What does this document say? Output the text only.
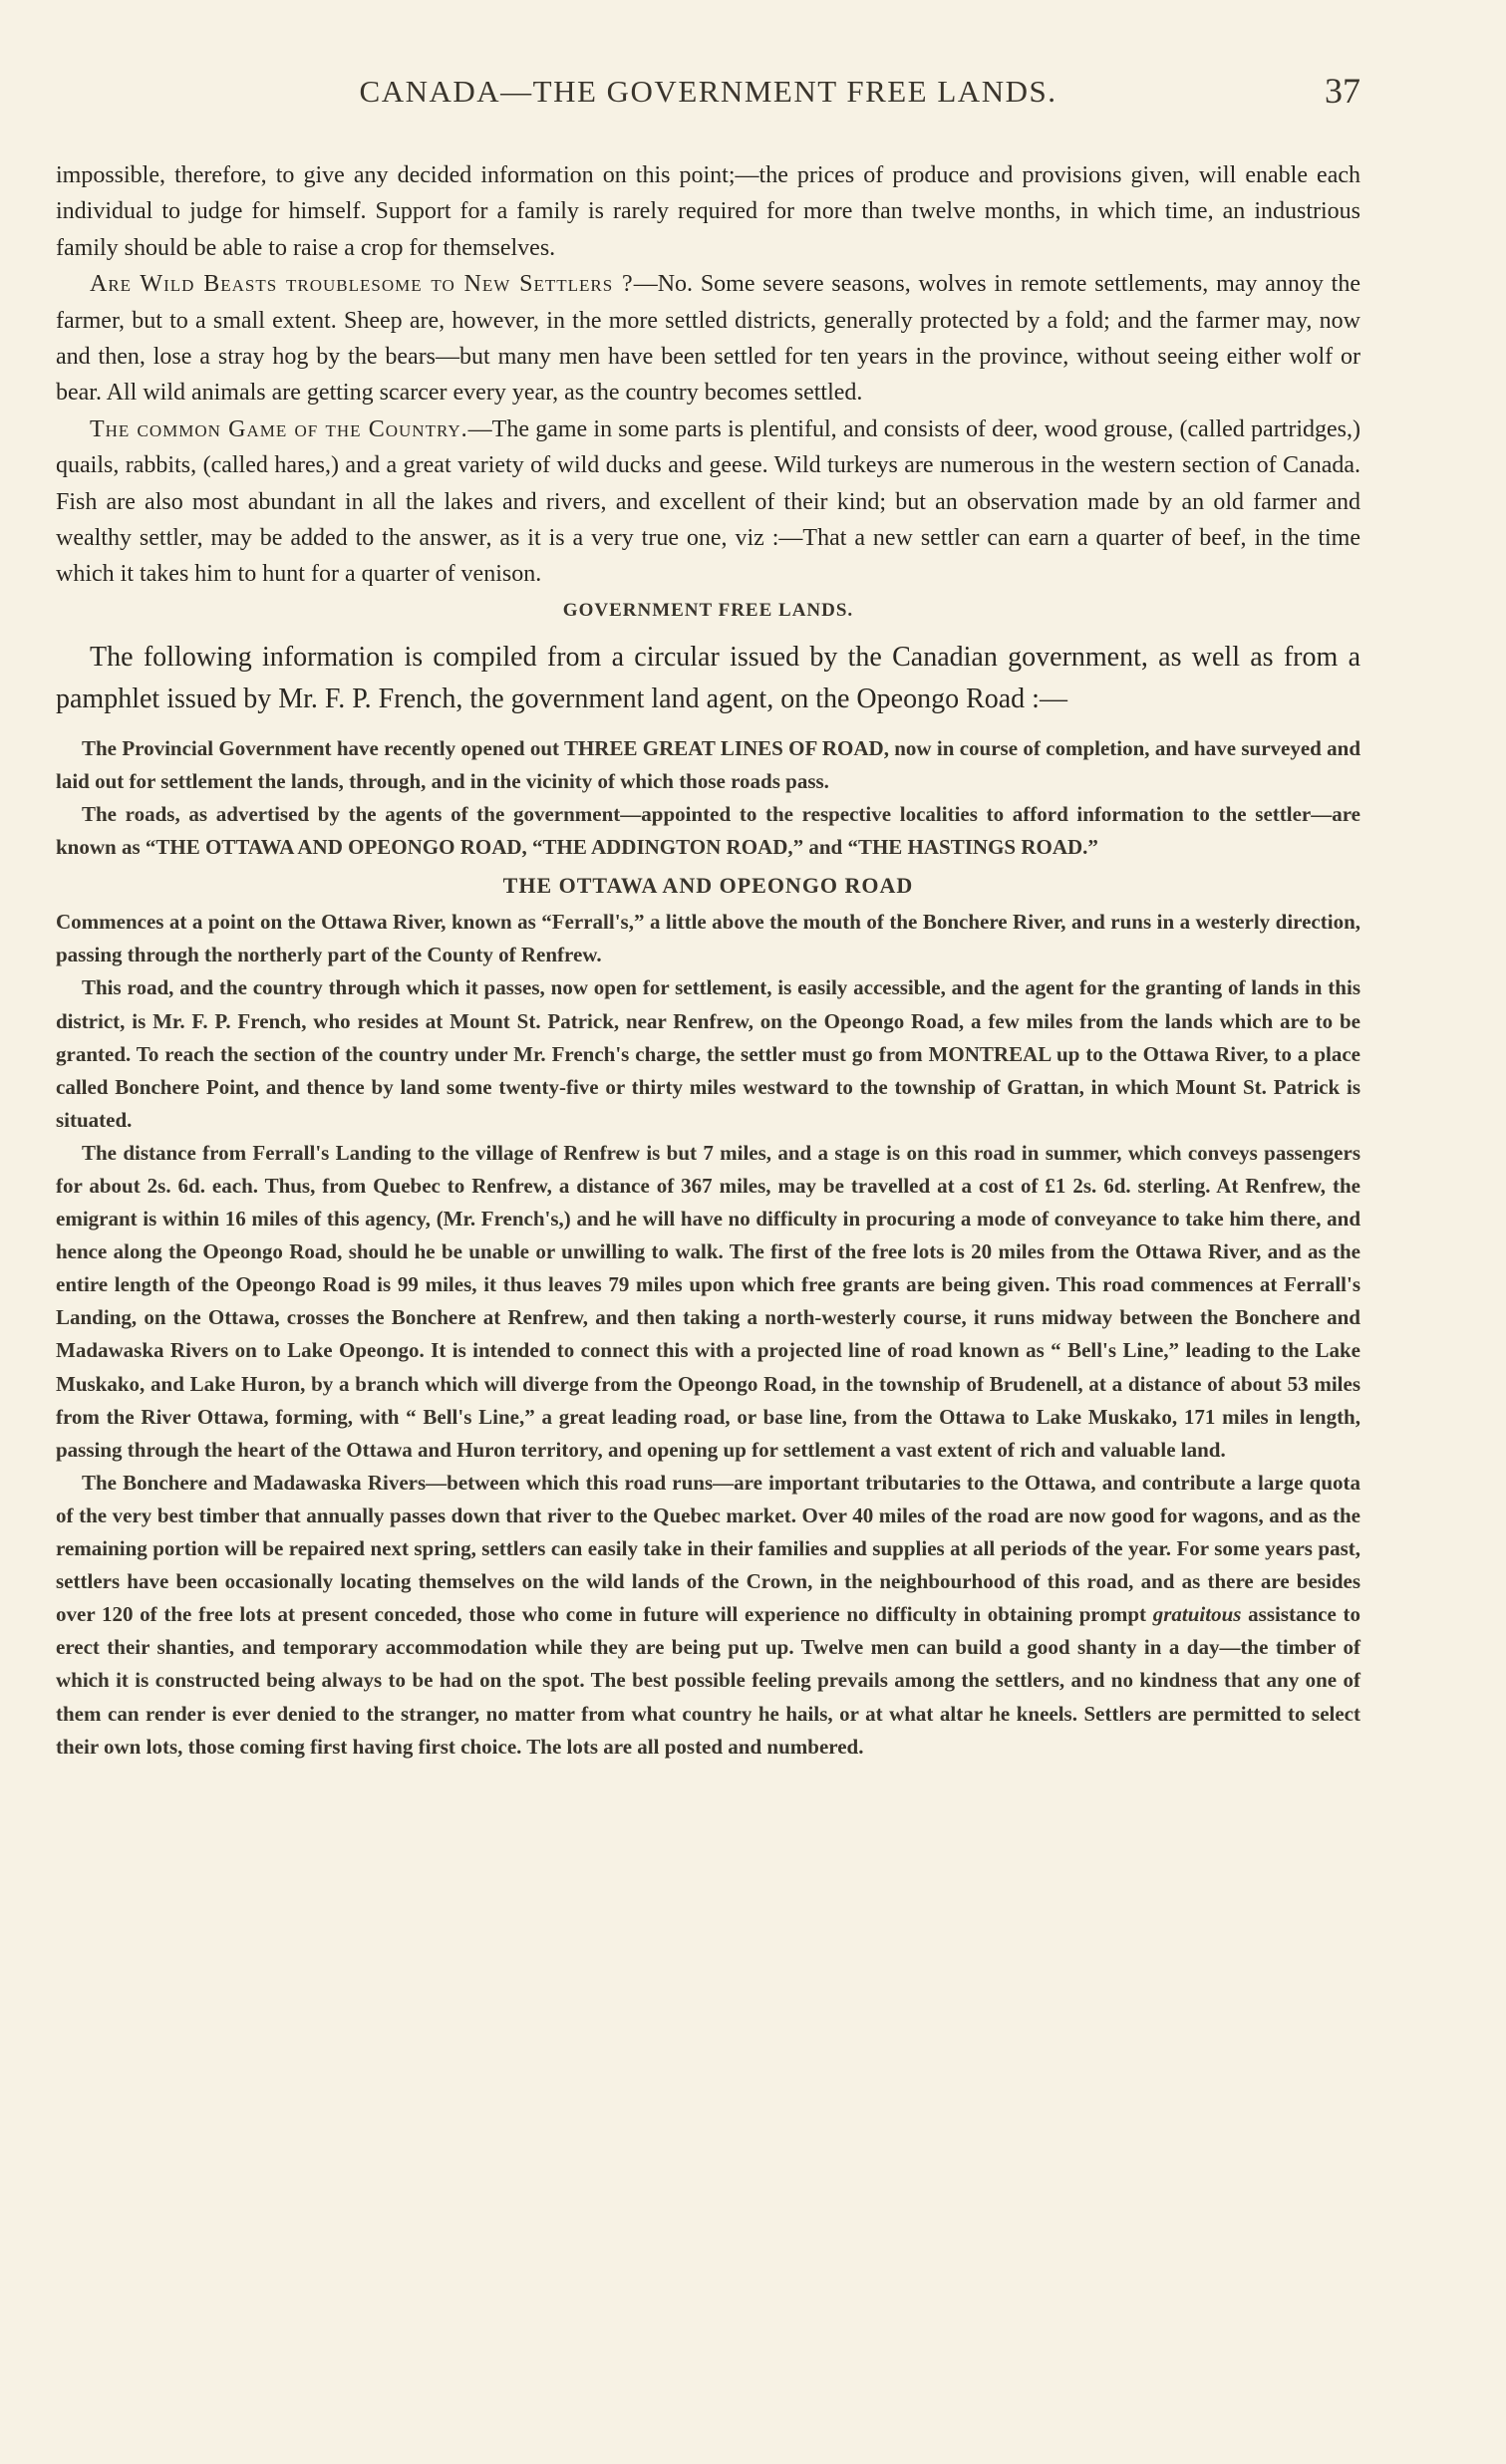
CANADA—THE GOVERNMENT FREE LANDS.	37

impossible, therefore, to give any decided information on this point;—the prices of produce and provisions given, will enable each individual to judge for himself. Support for a family is rarely required for more than twelve months, in which time, an industrious family should be able to raise a crop for themselves.

Are Wild Beasts troublesome to New Settlers ?—No. Some severe seasons, wolves in remote settlements, may annoy the farmer, but to a small extent. Sheep are, however, in the more settled districts, generally protected by a fold; and the farmer may, now and then, lose a stray hog by the bears—but many men have been settled for ten years in the province, without seeing either wolf or bear. All wild animals are getting scarcer every year, as the country becomes settled.

The common Game of the Country.—The game in some parts is plentiful, and consists of deer, wood grouse, (called partridges,) quails, rabbits, (called hares,) and a great variety of wild ducks and geese. Wild turkeys are numerous in the western section of Canada. Fish are also most abundant in all the lakes and rivers, and excellent of their kind; but an observation made by an old farmer and wealthy settler, may be added to the answer, as it is a very true one, viz :—That a new settler can earn a quarter of beef, in the time which it takes him to hunt for a quarter of venison.

GOVERNMENT FREE LANDS.

The following information is compiled from a circular issued by the Canadian government, as well as from a pamphlet issued by Mr. F. P. French, the government land agent, on the Opeongo Road :—

The Provincial Government have recently opened out THREE GREAT LINES OF ROAD, now in course of completion, and have surveyed and laid out for settlement the lands, through, and in the vicinity of which those roads pass.

The roads, as advertised by the agents of the government—appointed to the respective localities to afford information to the settler—are known as “THE OTTAWA AND OPEONGO ROAD, “THE ADDINGTON ROAD,” and “THE HASTINGS ROAD.”

THE OTTAWA AND OPEONGO ROAD

Commences at a point on the Ottawa River, known as “Ferrall's,” a little above the mouth of the Bonchere River, and runs in a westerly direction, passing through the northerly part of the County of Renfrew.

This road, and the country through which it passes, now open for settlement, is easily accessible, and the agent for the granting of lands in this district, is Mr. F. P. French, who resides at Mount St. Patrick, near Renfrew, on the Opeongo Road, a few miles from the lands which are to be granted. To reach the section of the country under Mr. French's charge, the settler must go from MONTREAL up to the Ottawa River, to a place called Bonchere Point, and thence by land some twenty-five or thirty miles westward to the township of Grattan, in which Mount St. Patrick is situated.

The distance from Ferrall's Landing to the village of Renfrew is but 7 miles, and a stage is on this road in summer, which conveys passengers for about 2s. 6d. each. Thus, from Quebec to Renfrew, a distance of 367 miles, may be travelled at a cost of £1 2s. 6d. sterling. At Renfrew, the emigrant is within 16 miles of this agency, (Mr. French's,) and he will have no difficulty in procuring a mode of conveyance to take him there, and hence along the Opeongo Road, should he be unable or unwilling to walk. The first of the free lots is 20 miles from the Ottawa River, and as the entire length of the Opeongo Road is 99 miles, it thus leaves 79 miles upon which free grants are being given. This road commences at Ferrall's Landing, on the Ottawa, crosses the Bonchere at Renfrew, and then taking a north-westerly course, it runs midway between the Bonchere and Madawaska Rivers on to Lake Opeongo. It is intended to connect this with a projected line of road known as “ Bell's Line,” leading to the Lake Muskako, and Lake Huron, by a branch which will diverge from the Opeongo Road, in the township of Brudenell, at a distance of about 53 miles from the River Ottawa, forming, with “ Bell's Line,” a great leading road, or base line, from the Ottawa to Lake Muskako, 171 miles in length, passing through the heart of the Ottawa and Huron territory, and opening up for settlement a vast extent of rich and valuable land.

The Bonchere and Madawaska Rivers—between which this road runs—are important tributaries to the Ottawa, and contribute a large quota of the very best timber that annually passes down that river to the Quebec market. Over 40 miles of the road are now good for wagons, and as the remaining portion will be repaired next spring, settlers can easily take in their families and supplies at all periods of the year. For some years past, settlers have been occasionally locating themselves on the wild lands of the Crown, in the neighbourhood of this road, and as there are besides over 120 of the free lots at present conceded, those who come in future will experience no difficulty in obtaining prompt gratuitous assistance to erect their shanties, and temporary accommodation while they are being put up. Twelve men can build a good shanty in a day—the timber of which it is constructed being always to be had on the spot. The best possible feeling prevails among the settlers, and no kindness that any one of them can render is ever denied to the stranger, no matter from what country he hails, or at what altar he kneels. Settlers are permitted to select their own lots, those coming first having first choice. The lots are all posted and numbered.
